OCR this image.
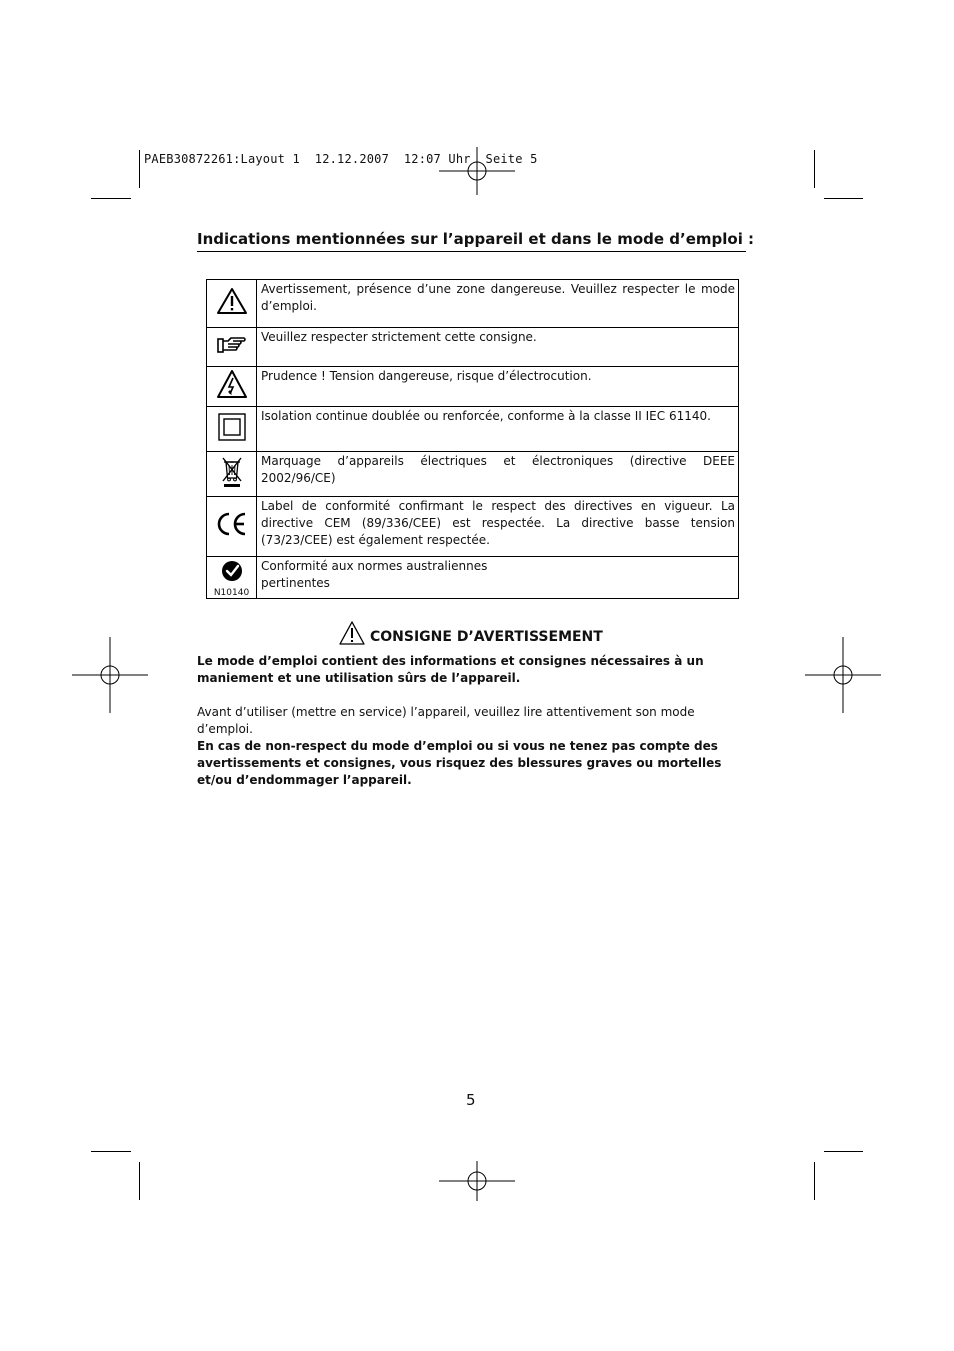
PAEB30872261:Layout 1  12.12.2007  12:07 Uhr  Seite 5
Indications mentionnées sur l’appareil et dans le mode d’emploi :
	Avertissement, présence d’une zone dangereuse. Veuillez respecter le mode d’emploi.
	Veuillez respecter strictement cette consigne.
	Prudence ! Tension dangereuse, risque d’électrocution.
	Isolation continue doublée ou renforcée, conforme à la classe II IEC 61140.
	Marquage d’appareils électriques et électroniques (directive DEEE 2002/96/CE)
	Label de conformité confirmant le respect des directives en vigueur. La directive CEM (89/336/CEE) est respectée. La directive basse tension (73/23/CEE) est également respectée.

N10140	Conformité aux normes australiennes
pertinentes
CONSIGNE D’AVERTISSEMENT

Le mode d’emploi contient des informations et consignes nécessaires à un maniement et une utilisation sûrs de l’appareil.

Avant d’utiliser (mettre en service) l’appareil, veuillez lire attentivement son mode d’emploi.

En cas de non-respect du mode d’emploi ou si vous ne tenez pas compte des avertissements et consignes, vous risquez des blessures graves ou mortelles et/ou d’endommager l’appareil.

5
